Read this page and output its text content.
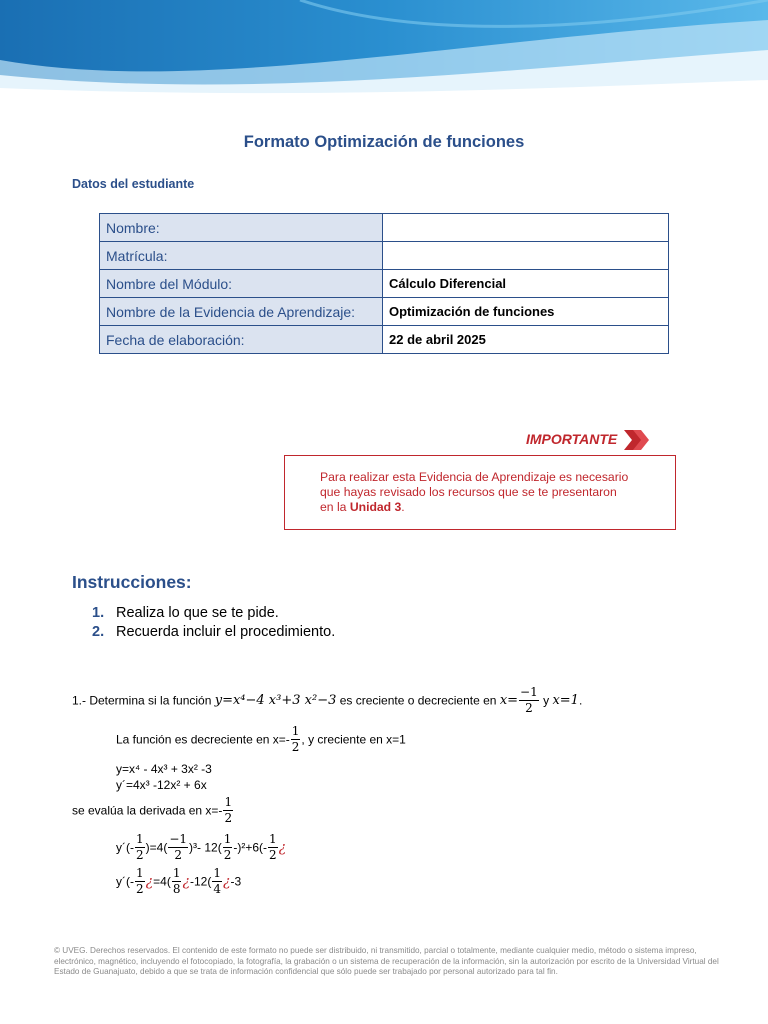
Formato Optimización de funciones
Datos del estudiante
Nombre:	
Matrícula:	
Nombre del Módulo:	Cálculo Diferencial
Nombre de la Evidencia de Aprendizaje:	Optimización de funciones
Fecha de elaboración:	22 de abril 2025
IMPORTANTE
Para realizar esta Evidencia de Aprendizaje es necesario
que hayas revisado los recursos que se te presentaron
en la Unidad 3.
Instrucciones:
1. Realiza lo que se te pide.
2. Recuerda incluir el procedimiento.
1.- Determina si la función y=x⁴−4 x³+3 x²−3 es creciente o decreciente en $x= \frac{-1}{2}$ y x=1.
La función es decreciente en $x=- \frac{1}{2}$ , y creciente en x=1
y=x⁴ - 4x³ + 3x² -3
y´=4x³ -12x² + 6x
se evalúa la derivada en $x=- \frac{1}{2}$
y´(- $\frac{1}{2} )=4( \frac{-1}{2} )^3-$ $12( \frac{1}{2} -)^2+6(- \frac{1}{2}$ ¿
y´(- $\frac{1}{2}$ ¿$=4( \frac{1}{8}$ ¿$-12( \frac{1}{4}$ ¿-3
© UVEG. Derechos reservados. El contenido de este formato no puede ser distribuido, ni transmitido, parcial o totalmente, mediante cualquier medio, método o sistema impreso, electrónico, magnético, incluyendo el fotocopiado, la fotografía, la grabación o un sistema de recuperación de la información, sin la autorización por escrito de la Universidad Virtual del Estado de Guanajuato, debido a que se trata de información confidencial que sólo puede ser trabajado por personal autorizado para tal fin.
